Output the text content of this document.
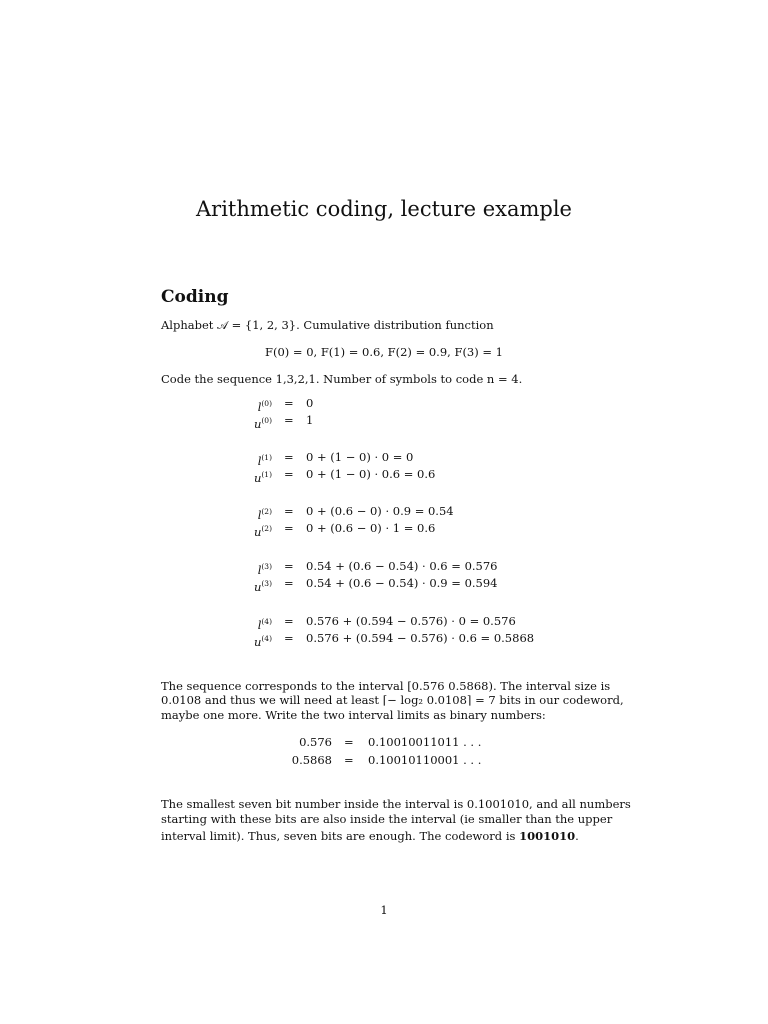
Arithmetic coding, lecture example
Coding
Alphabet 𝒜 = {1, 2, 3}. Cumulative distribution function
F(0) = 0, F(1) = 0.6, F(2) = 0.9, F(3) = 1
Code the sequence 1,3,2,1. Number of symbols to code n = 4.
$l^{(0)}$
$u^{(0)}$
=
=
0
1
$l^{(1)}$
$u^{(1)}$
=
=
0 + (1 − 0) · 0 = 0
0 + (1 − 0) · 0.6 = 0.6
$l^{(2)}$
$u^{(2)}$
=
=
0 + (0.6 − 0) · 0.9 = 0.54
0 + (0.6 − 0) · 1 = 0.6
$l^{(3)}$
$u^{(3)}$
=
=
0.54 + (0.6 − 0.54) · 0.6 = 0.576
0.54 + (0.6 − 0.54) · 0.9 = 0.594
$l^{(4)}$
$u^{(4)}$
=
=
0.576 + (0.594 − 0.576) · 0 = 0.576
0.576 + (0.594 − 0.576) · 0.6 = 0.5868
The sequence corresponds to the interval [0.576 0.5868). The interval size is
0.0108 and thus we will need at least ⌈− log₂ 0.0108⌉ = 7 bits in our codeword,
maybe one more. Write the two interval limits as binary numbers:
0.576 = 0.10010011011 . . .
0.5868 = 0.10010110001 . . .
The smallest seven bit number inside the interval is 0.1001010, and all numbers
starting with these bits are also inside the interval (ie smaller than the upper
interval limit). Thus, seven bits are enough. The codeword is 1001010.
1
